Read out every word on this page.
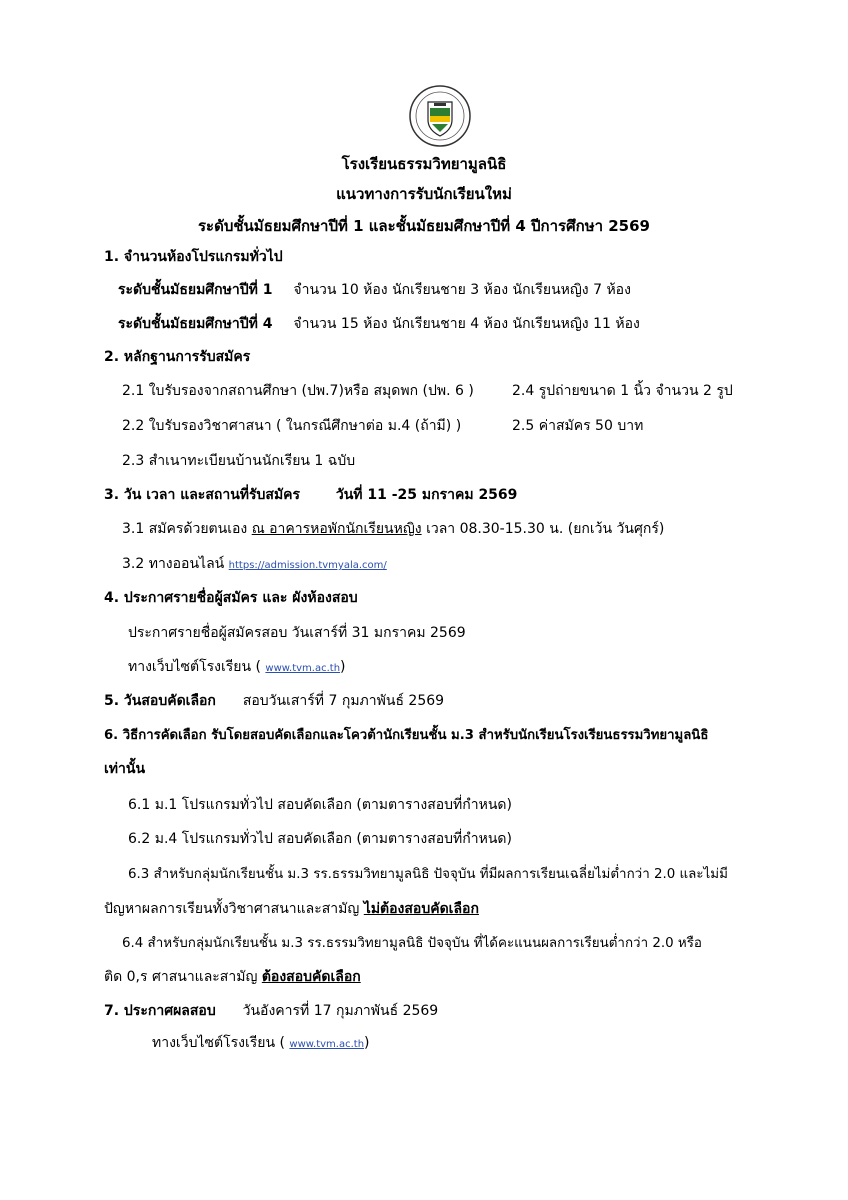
โรงเรียนธรรมวิทยามูลนิธิ
แนวทางการรับนักเรียนใหม่
ระดับชั้นมัธยมศึกษาปีที่ 1 และชั้นมัธยมศึกษาปีที่ 4 ปีการศึกษา 2569
1. จำนวนห้องโปรแกรมทั่วไป
ระดับชั้นมัธยมศึกษาปีที่ 1 จำนวน 10 ห้อง นักเรียนชาย 3 ห้อง นักเรียนหญิง 7 ห้อง
ระดับชั้นมัธยมศึกษาปีที่ 4 จำนวน 15 ห้อง นักเรียนชาย 4 ห้อง นักเรียนหญิง 11 ห้อง
2. หลักฐานการรับสมัคร
2.1 ใบรับรองจากสถานศึกษา (ปพ.7)หรือ สมุดพก (ปพ. 6 )	2.4 รูปถ่ายขนาด 1 นิ้ว จำนวน 2 รูป
2.2 ใบรับรองวิชาศาสนา ( ในกรณีศึกษาต่อ ม.4 (ถ้ามี) )	2.5 ค่าสมัคร 50 บาท
2.3 สำเนาทะเบียนบ้านนักเรียน 1 ฉบับ
3. วัน เวลา และสถานที่รับสมัคร	วันที่ 11 -25 มกราคม 2569
3.1 สมัครด้วยตนเอง ณ อาคารหอพักนักเรียนหญิง เวลา 08.30-15.30 น. (ยกเว้น วันศุกร์)
3.2 ทางออนไลน์ https://admission.tvmyala.com/
4. ประกาศรายชื่อผู้สมัคร และ ผังห้องสอบ
ประกาศรายชื่อผู้สมัครสอบ วันเสาร์ที่ 31 มกราคม 2569
ทางเว็บไซต์โรงเรียน ( www.tvm.ac.th)
5. วันสอบคัดเลือก สอบวันเสาร์ที่ 7 กุมภาพันธ์ 2569
6. วิธีการคัดเลือก รับโดยสอบคัดเลือกและโควต้านักเรียนชั้น ม.3 สำหรับนักเรียนโรงเรียนธรรมวิทยามูลนิธิ
เท่านั้น
6.1 ม.1 โปรแกรมทั่วไป สอบคัดเลือก (ตามตารางสอบที่กำหนด)
6.2 ม.4 โปรแกรมทั่วไป สอบคัดเลือก (ตามตารางสอบที่กำหนด)
6.3 สำหรับกลุ่มนักเรียนชั้น ม.3 รร.ธรรมวิทยามูลนิธิ ปัจจุบัน ที่มีผลการเรียนเฉลี่ยไม่ต่ำกว่า 2.0 และไม่มี
ปัญหาผลการเรียนทั้งวิชาศาสนาและสามัญ ไม่ต้องสอบคัดเลือก
6.4 สำหรับกลุ่มนักเรียนชั้น ม.3 รร.ธรรมวิทยามูลนิธิ ปัจจุบัน ที่ได้คะแนนผลการเรียนต่ำกว่า 2.0 หรือ
ติด 0,ร ศาสนาและสามัญ ต้องสอบคัดเลือก
7. ประกาศผลสอบ วันอังคารที่ 17 กุมภาพันธ์ 2569
ทางเว็บไซต์โรงเรียน ( www.tvm.ac.th)
